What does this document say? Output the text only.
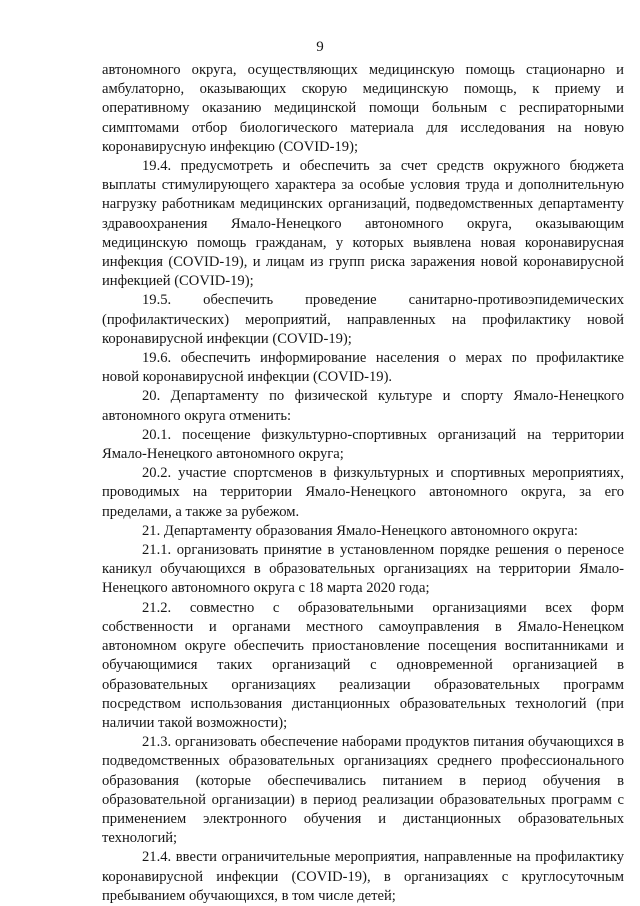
9

автономного округа, осуществляющих медицинскую помощь стационарно и амбулаторно, оказывающих скорую медицинскую помощь, к приему и оперативному оказанию медицинской помощи больным с респираторными симптомами отбор биологического материала для исследования на новую коронавирусную инфекцию (COVID-19);

19.4. предусмотреть и обеспечить за счет средств окружного бюджета выплаты стимулирующего характера за особые условия труда и дополнительную нагрузку работникам медицинских организаций, подведомственных департаменту здравоохранения Ямало-Ненецкого автономного округа, оказывающим медицинскую помощь гражданам, у которых выявлена новая коронавирусная инфекция (COVID-19), и лицам из групп риска заражения новой коронавирусной инфекцией (COVID-19);

19.5. обеспечить проведение санитарно-противоэпидемических (профилактических) мероприятий, направленных на профилактику новой коронавирусной инфекции (COVID-19);

19.6. обеспечить информирование населения о мерах по профилактике новой коронавирусной инфекции (COVID-19).

20. Департаменту по физической культуре и спорту Ямало-Ненецкого автономного округа отменить:

20.1. посещение физкультурно-спортивных организаций на территории Ямало-Ненецкого автономного округа;

20.2. участие спортсменов в физкультурных и спортивных мероприятиях, проводимых на территории Ямало-Ненецкого автономного округа, за его пределами, а также за рубежом.

21. Департаменту образования Ямало-Ненецкого автономного округа:

21.1. организовать принятие в установленном порядке решения о переносе каникул обучающихся в образовательных организациях на территории Ямало-Ненецкого автономного округа с 18 марта 2020 года;

21.2. совместно с образовательными организациями всех форм собственности и органами местного самоуправления в Ямало-Ненецком автономном округе обеспечить приостановление посещения воспитанниками и обучающимися таких организаций с одновременной организацией в образовательных организациях реализации образовательных программ посредством использования дистанционных образовательных технологий (при наличии такой возможности);

21.3. организовать обеспечение наборами продуктов питания обучающихся в подведомственных образовательных организациях среднего профессионального образования (которые обеспечивались питанием в период обучения в образовательной организации) в период реализации образовательных программ с применением электронного обучения и дистанционных образовательных технологий;

21.4. ввести ограничительные мероприятия, направленные на профилактику коронавирусной инфекции (COVID-19), в организациях с круглосуточным пребыванием обучающихся, в том числе детей;
